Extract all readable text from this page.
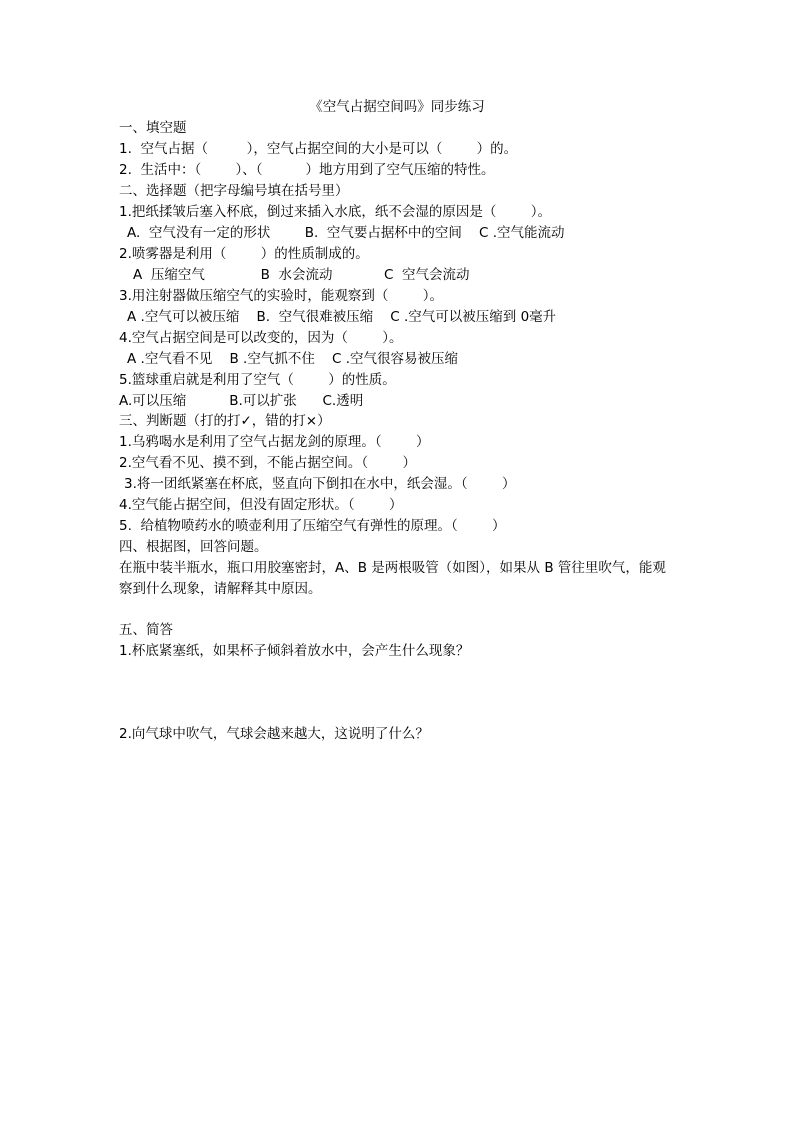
《空气占据空间吗》同步练习
一、填空题
1.  空气占据（         ），空气占据空间的大小是可以（        ）的。
2.  生活中：（        ）、（          ）地方用到了空气压缩的特性。
二、选择题（把字母编号填在括号里）
1.把纸揉皱后塞入杯底，倒过来插入水底，纸不会湿的原因是（        ）。
A.  空气没有一定的形状        B.  空气要占据杯中的空间    C .空气能流动
2.喷雾器是利用（        ）的性质制成的。
A  压缩空气             B  水会流动            C  空气会流动
3.用注射器做压缩空气的实验时，能观察到（        ）。
A .空气可以被压缩    B.  空气很难被压缩    C .空气可以被压缩到 0毫升
4.空气占据空间是可以改变的，因为（        ）。
A .空气看不见    B .空气抓不住    C .空气很容易被压缩
5.篮球重启就是利用了空气（        ）的性质。
A.可以压缩          B.可以扩张      C.透明
三、判断题（打的打✓，错的打×）
1.乌鸦喝水是利用了空气占据龙剑的原理。（        ）
2.空气看不见、摸不到，不能占据空间。（        ）
3.将一团纸紧塞在杯底，竖直向下倒扣在水中，纸会湿。（        ）
4.空气能占据空间，但没有固定形状。（        ）
5.  给植物喷药水的喷壶利用了压缩空气有弹性的原理。（        ）
四、根据图，回答问题。
在瓶中装半瓶水，瓶口用胶塞密封，A、B 是两根吸管（如图），如果从 B 管往里吹气，能观
察到什么现象，请解释其中原因。
五、简答
1.杯底紧塞纸，如果杯子倾斜着放水中，会产生什么现象？
2.向气球中吹气，气球会越来越大，这说明了什么？
